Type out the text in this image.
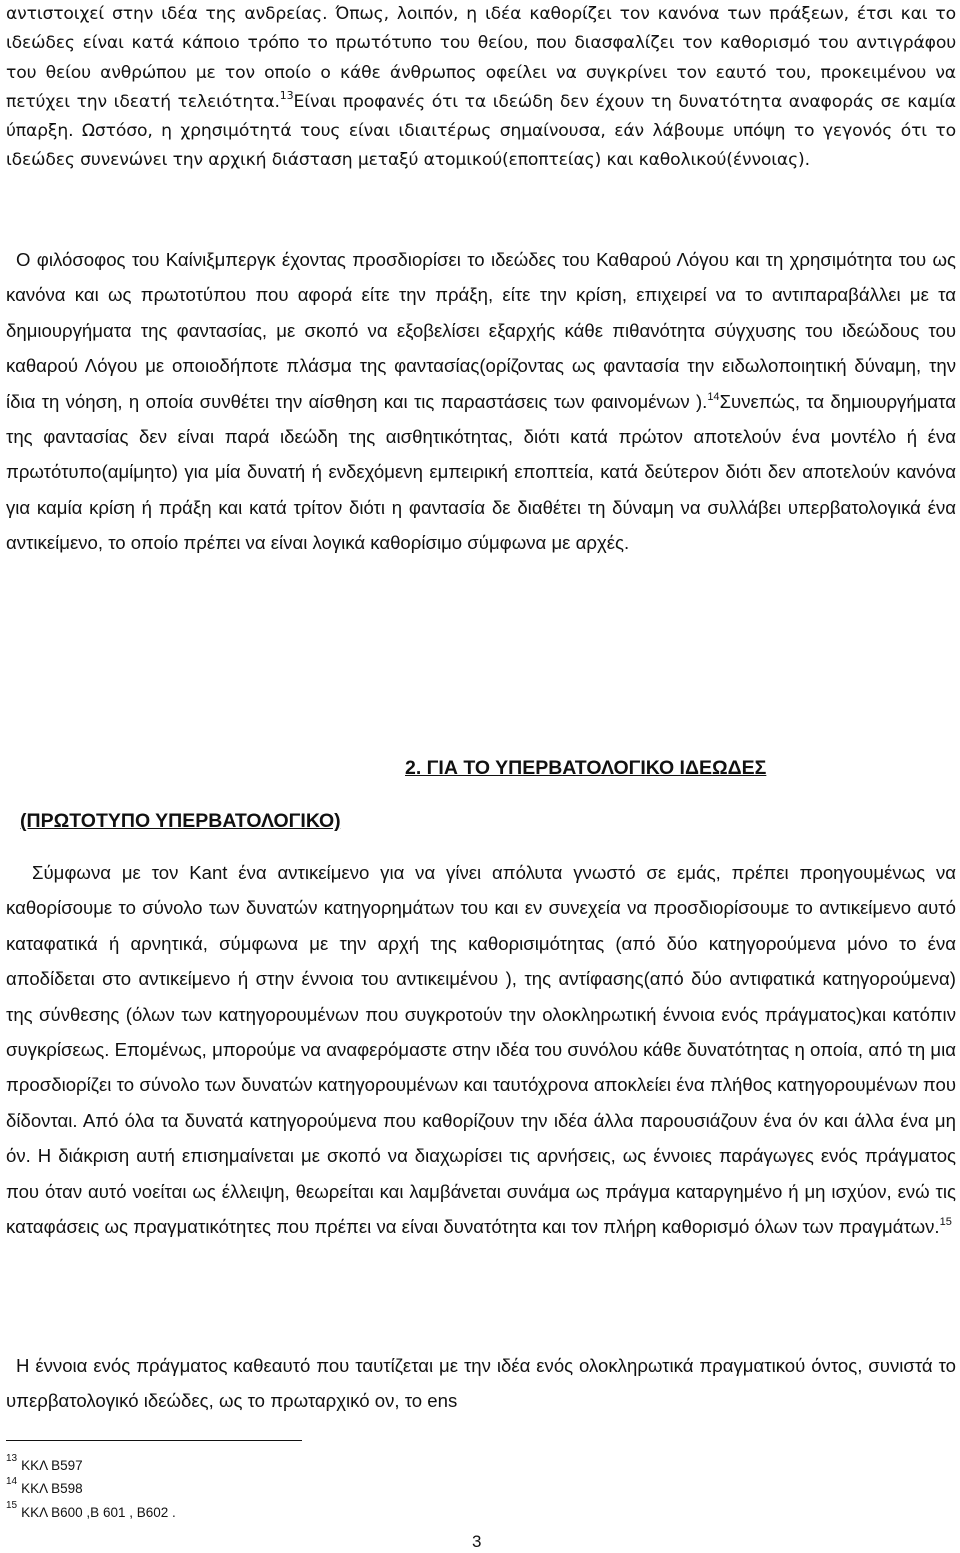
αντιστοιχεί στην ιδέα της ανδρείας. Όπως, λοιπόν, η ιδέα καθορίζει τον κανόνα των πράξεων, έτσι και το ιδεώδες είναι κατά κάποιο τρόπο το πρωτότυπο του θείου, που διασφαλίζει τον καθορισμό του αντιγράφου του θείου ανθρώπου με τον οποίο ο κάθε άνθρωπος οφείλει να συγκρίνει τον εαυτό του, προκειμένου να πετύχει την ιδεατή τελειότητα.$^{13}$Είναι προφανές ότι τα ιδεώδη δεν έχουν τη δυνατότητα αναφοράς σε καμία ύπαρξη. Ωστόσο, η χρησιμότητά τους είναι ιδιαιτέρως σημαίνουσα, εάν λάβουμε υπόψη το γεγονός ότι το ιδεώδες συνενώνει την αρχική διάσταση μεταξύ ατομικού(εποπτείας) και καθολικού(έννοιας).

Ο φιλόσοφος του Καίνιξμπεργκ έχοντας προσδιορίσει το ιδεώδες του Καθαρού Λόγου και τη χρησιμότητα του ως κανόνα και ως πρωτοτύπου που αφορά είτε την πράξη, είτε την κρίση, επιχειρεί να το αντιπαραβάλλει με τα δημιουργήματα της φαντασίας, με σκοπό να εξοβελίσει εξαρχής κάθε πιθανότητα σύγχυσης του ιδεώδους του καθαρού Λόγου με οποιοδήποτε πλάσμα της φαντασίας(ορίζοντας ως φαντασία την ειδωλοποιητική δύναμη, την ίδια τη νόηση, η οποία συνθέτει την αίσθηση και τις παραστάσεις των φαινομένων ).$^{14}$Συνεπώς, τα δημιουργήματα της φαντασίας δεν είναι παρά ιδεώδη της αισθητικότητας, διότι κατά πρώτον αποτελούν ένα μοντέλο ή ένα πρωτότυπο(αμίμητο) για μία δυνατή ή ενδεχόμενη εμπειρική εποπτεία, κατά δεύτερον διότι δεν αποτελούν κανόνα για καμία κρίση ή πράξη και κατά τρίτον διότι η φαντασία δε διαθέτει τη δύναμη να συλλάβει υπερβατολογικά ένα αντικείμενο, το οποίο πρέπει να είναι λογικά καθορίσιμο σύμφωνα με αρχές.

2. ΓΙΑ ΤΟ ΥΠΕΡΒΑΤΟΛΟΓΙΚΟ ΙΔΕΩΔΕΣ
(ΠΡΩΤΟΤΥΠΟ ΥΠΕΡΒΑΤΟΛΟΓΙΚΟ)

Σύμφωνα με τον Kant ένα αντικείμενο για να γίνει απόλυτα γνωστό σε εμάς, πρέπει προηγουμένως να καθορίσουμε το σύνολο των δυνατών κατηγορημάτων του και εν συνεχεία να προσδιορίσουμε το αντικείμενο αυτό καταφατικά ή αρνητικά, σύμφωνα με την αρχή της καθορισιμότητας (από δύο κατηγορούμενα μόνο το ένα αποδίδεται στο αντικείμενο ή στην έννοια του αντικειμένου ), της αντίφασης(από δύο αντιφατικά κατηγορούμενα) της σύνθεσης (όλων των κατηγορουμένων που συγκροτούν την ολοκληρωτική έννοια ενός πράγματος)και κατόπιν συγκρίσεως. Επομένως, μπορούμε να αναφερόμαστε στην ιδέα του συνόλου κάθε δυνατότητας η οποία, από τη μια προσδιορίζει το σύνολο των δυνατών κατηγορουμένων και ταυτόχρονα αποκλείει ένα πλήθος κατηγορουμένων που δίδονται. Από όλα τα δυνατά κατηγορούμενα που καθορίζουν την ιδέα άλλα παρουσιάζουν ένα όν και άλλα ένα μη όν. Η διάκριση αυτή επισημαίνεται με σκοπό να διαχωρίσει τις αρνήσεις, ως έννοιες παράγωγες ενός πράγματος που όταν αυτό νοείται ως έλλειψη, θεωρείται και λαμβάνεται συνάμα ως πράγμα καταργημένο ή μη ισχύον, ενώ τις καταφάσεις ως πραγματικότητες που πρέπει να είναι δυνατότητα και τον πλήρη καθορισμό όλων των πραγμάτων.$^{15}$

Η έννοια ενός πράγματος καθεαυτό που ταυτίζεται με την ιδέα ενός ολοκληρωτικά πραγματικού όντος, συνιστά το υπερβατολογικό ιδεώδες, ως το πρωταρχικό ον, το ens

$^{13}$ ΚΚΛ Β597

$^{14}$ ΚΚΛ Β598

$^{15}$ ΚΚΛ Β600 ,Β 601 , Β602 .

3
